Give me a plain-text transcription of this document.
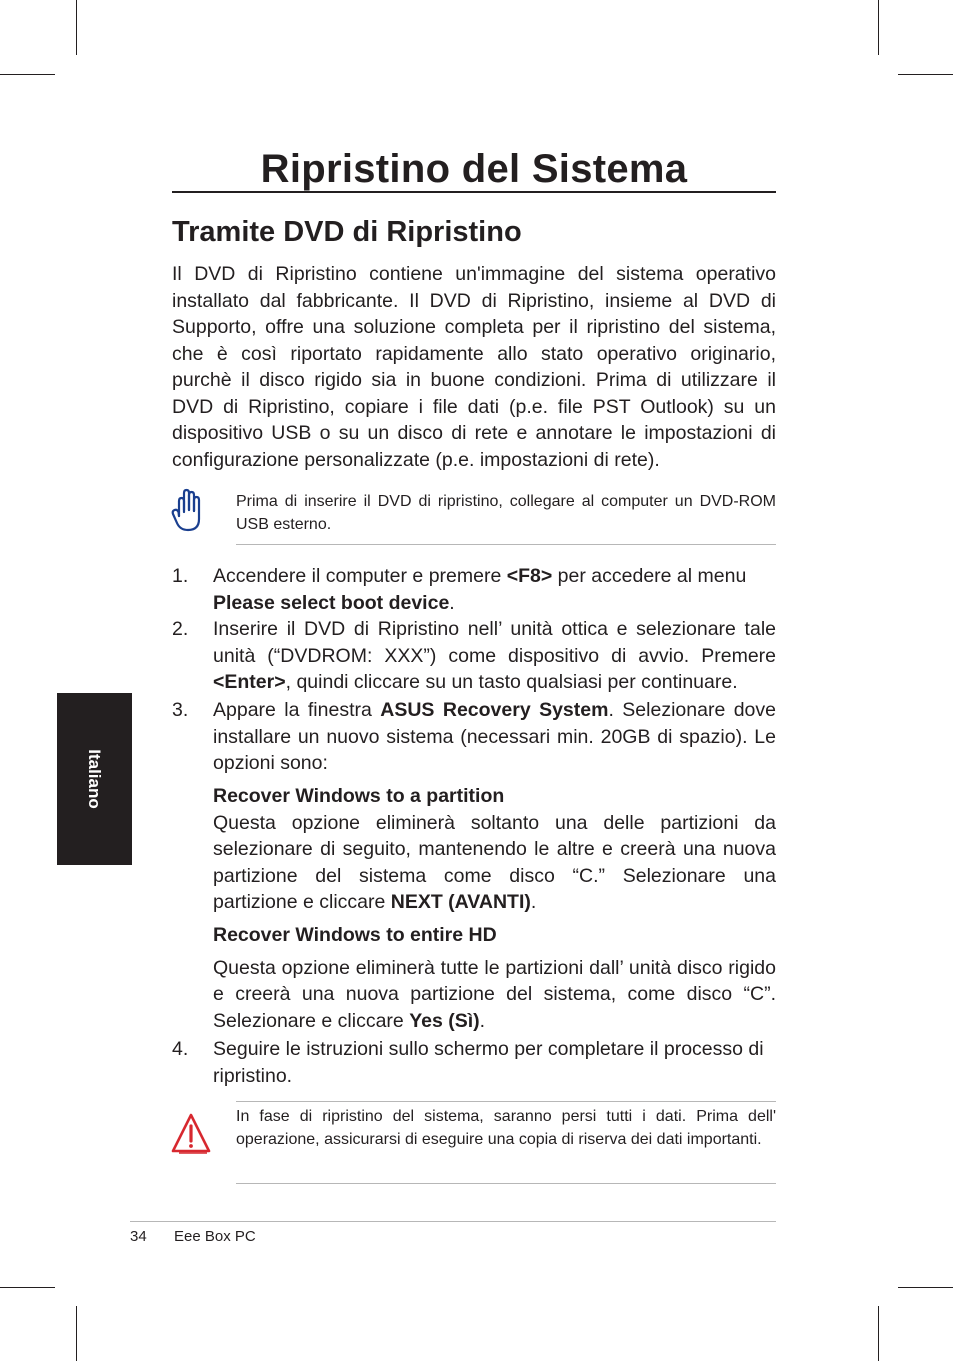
Ripristino del Sistema
Tramite DVD di Ripristino

Il DVD di Ripristino contiene un'immagine del sistema operativo installato dal fabbricante. Il DVD di Ripristino, insieme al DVD di Supporto, offre una soluzione completa per il ripristino del sistema, che è così riportato rapidamente allo stato operativo originario, purchè il disco rigido sia in buone condizioni. Prima di utilizzare il DVD di Ripristino, copiare i file dati (p.e. file PST Outlook) su un dispositivo USB o su un disco di rete e annotare le impostazioni di configurazione personalizzate (p.e. impostazioni di rete).

Prima di inserire il DVD di ripristino, collegare al computer un DVD-ROM USB esterno.

1. Accendere il computer e premere <F8> per accedere al menu
Please select boot device.
2. Inserire il DVD di Ripristino nell’ unità ottica e selezionare tale unità (“DVDROM: XXX”) come dispositivo di avvio. Premere <Enter>, quindi cliccare su un tasto qualsiasi per continuare.
3. Appare la finestra ASUS Recovery System. Selezionare dove installare un nuovo sistema (necessari min. 20GB di spazio). Le opzioni sono:

Recover Windows to a partition

Questa opzione eliminerà soltanto una delle partizioni da selezionare di seguito, mantenendo le altre e creerà una nuova partizione del sistema come disco “C.” Selezionare una partizione e cliccare NEXT (AVANTI).

Recover Windows to entire HD

Questa opzione eliminerà tutte le partizioni dall’ unità disco rigido e creerà una nuova partizione del sistema, come disco “C”. Selezionare e cliccare Yes (Sì).

4. Seguire le istruzioni sullo schermo per completare il processo di ripristino.

In fase di ripristino del sistema, saranno persi tutti i dati. Prima dell' operazione, assicurarsi di eseguire una copia di riserva dei dati importanti.

Italiano
34 Eee Box PC
